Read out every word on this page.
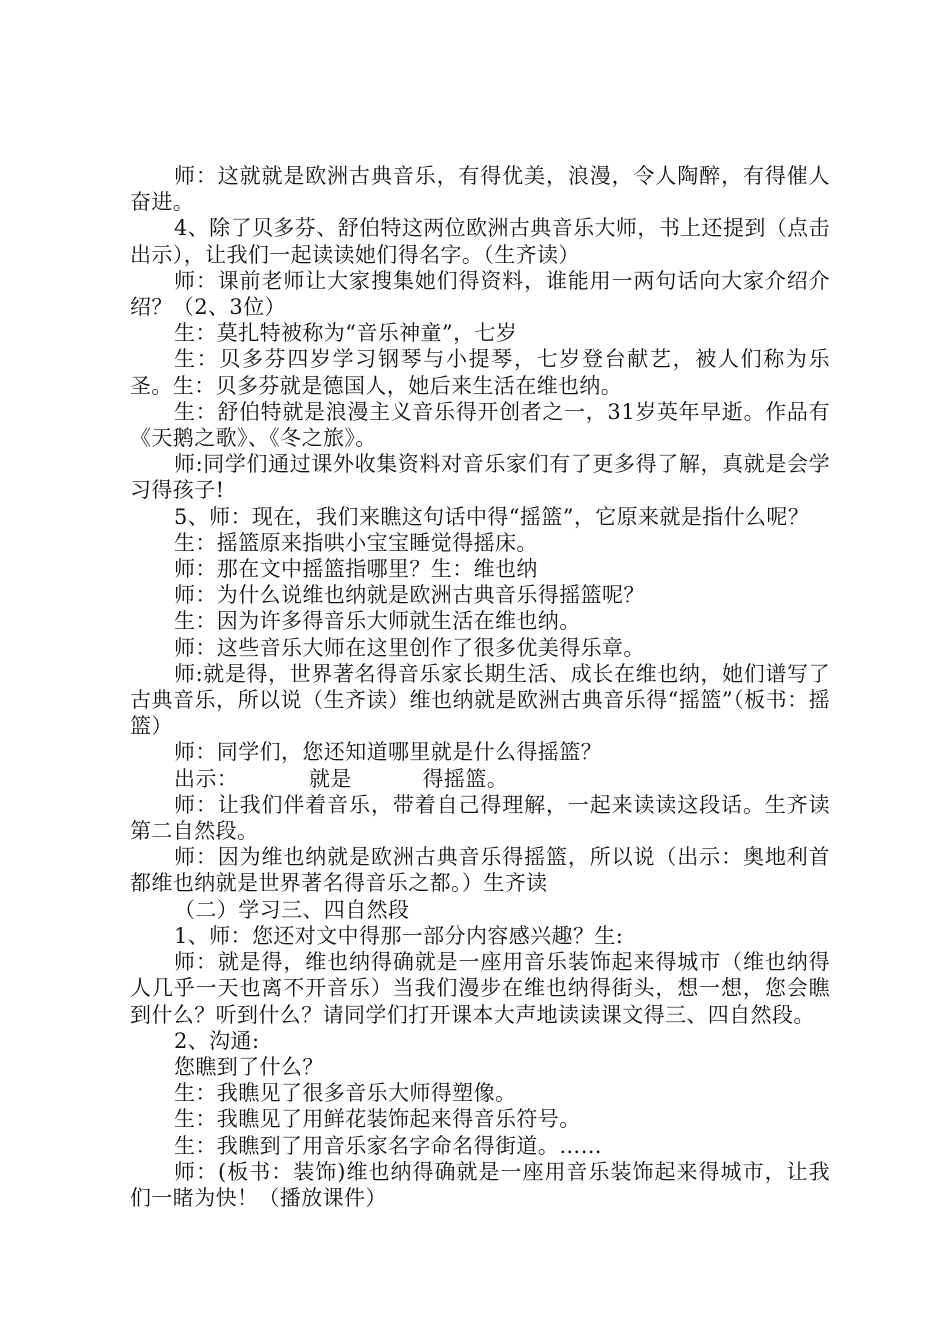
师：这就就是欧洲古典音乐，有得优美，浪漫，令人陶醉，有得催人奋进。

4、除了贝多芬、舒伯特这两位欧洲古典音乐大师，书上还提到（点击出示），让我们一起读读她们得名字。（生齐读）

师：课前老师让大家搜集她们得资料，谁能用一两句话向大家介绍介绍？（2、3位）

生：莫扎特被称为“音乐神童”，七岁

生：贝多芬四岁学习钢琴与小提琴，七岁登台献艺，被人们称为乐圣。生：贝多芬就是德国人，她后来生活在维也纳。

生：舒伯特就是浪漫主义音乐得开创者之一，31岁英年早逝。作品有《天鹅之歌》、《冬之旅》。

师:同学们通过课外收集资料对音乐家们有了更多得了解，真就是会学习得孩子!

5、师：现在，我们来瞧这句话中得“摇篮”，它原来就是指什么呢？

生：摇篮原来指哄小宝宝睡觉得摇床。

师：那在文中摇篮指哪里？生：维也纳

师：为什么说维也纳就是欧洲古典音乐得摇篮呢？

生：因为许多得音乐大师就生活在维也纳。

师：这些音乐大师在这里创作了很多优美得乐章。

师:就是得，世界著名得音乐家长期生活、成长在维也纳，她们谱写了古典音乐，所以说（生齐读）维也纳就是欧洲古典音乐得“摇篮”（板书：摇篮）

师：同学们，您还知道哪里就是什么得摇篮？

出示：          就是          得摇篮。

师：让我们伴着音乐，带着自己得理解，一起来读读这段话。生齐读第二自然段。

师：因为维也纳就是欧洲古典音乐得摇篮，所以说（出示：奥地利首都维也纳就是世界著名得音乐之都。）生齐读

（二）学习三、四自然段

1、师：您还对文中得那一部分内容感兴趣？生:

师：就是得，维也纳得确就是一座用音乐装饰起来得城市（维也纳得人几乎一天也离不开音乐）当我们漫步在维也纳得街头，想一想，您会瞧到什么？听到什么？请同学们打开课本大声地读读课文得三、四自然段。

2、沟通:

您瞧到了什么？

生：我瞧见了很多音乐大师得塑像。

生：我瞧见了用鲜花装饰起来得音乐符号。

生：我瞧到了用音乐家名字命名得街道。……

师：(板书：装饰)维也纳得确就是一座用音乐装饰起来得城市，让我们一睹为快！（播放课件）
